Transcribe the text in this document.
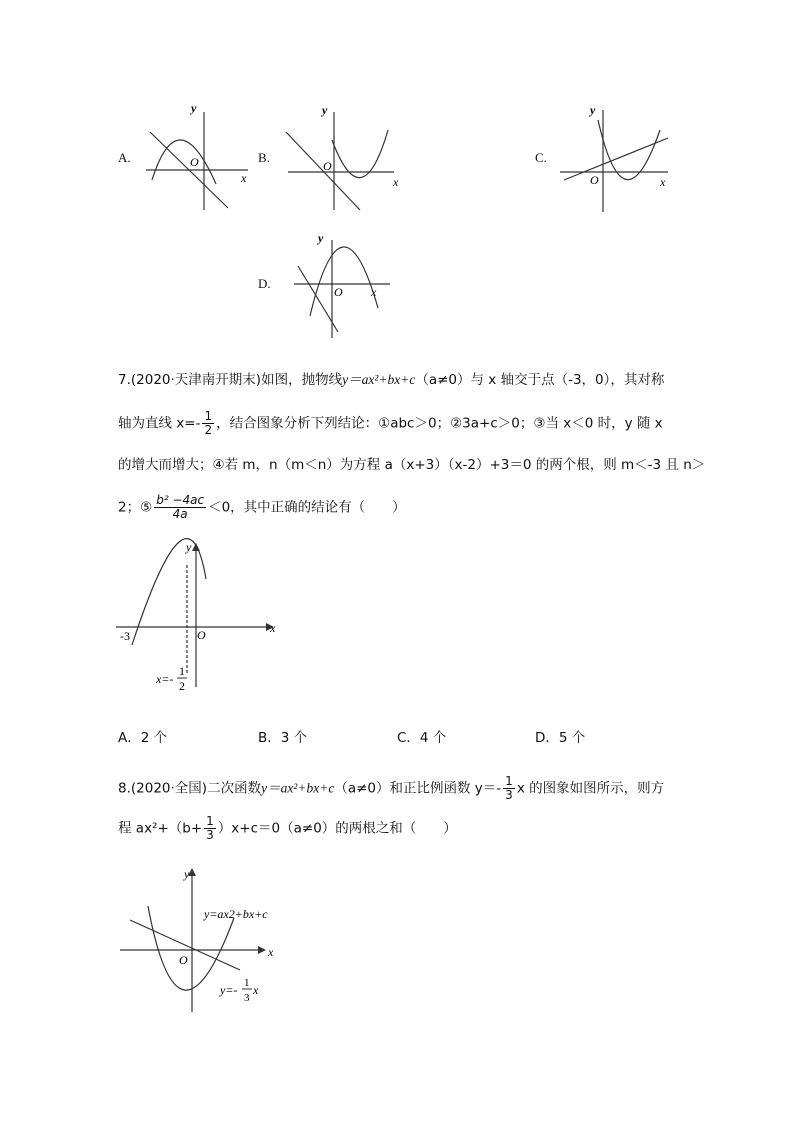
A.
y
x
O	B.
y
x
O
C.
y
x
O
D.
y
x
O
7.(2020·天津南开期末)如图，抛物线y＝ax²+bx+c（a≠0）与 x 轴交于点（-3，0），其对称
轴为直线 $x=- \frac{1}{2}$ ，结合图象分析下列结论：①abc＞0；②3a+c＞0；③当 x＜0 时，y 随 x
的增大而增大；④若 m，n（m＜n）为方程 a（x+3）（x-2）+3＝0 的两个根，则 m＜-3 且 n＞
2；⑤ $\frac{\text{b² −4ac}}{4a} <0$，其中正确的结论有（　　）
y
x
O
-3
x=-
1
2
A．2 个	B．3 个	C．4 个	D．5 个
8.(2020·全国)二次函数y＝ax²+bx+c（a≠0）和正比例函数 $y=- \frac{1}{3}$ x 的图象如图所示，则方
程 $ax^2+(b+ \frac{1}{3} )x+c=0(a\ne 0)$的两根之和（　　）
y
x
O
y=ax2+bx+c
y=- 1
3
x
